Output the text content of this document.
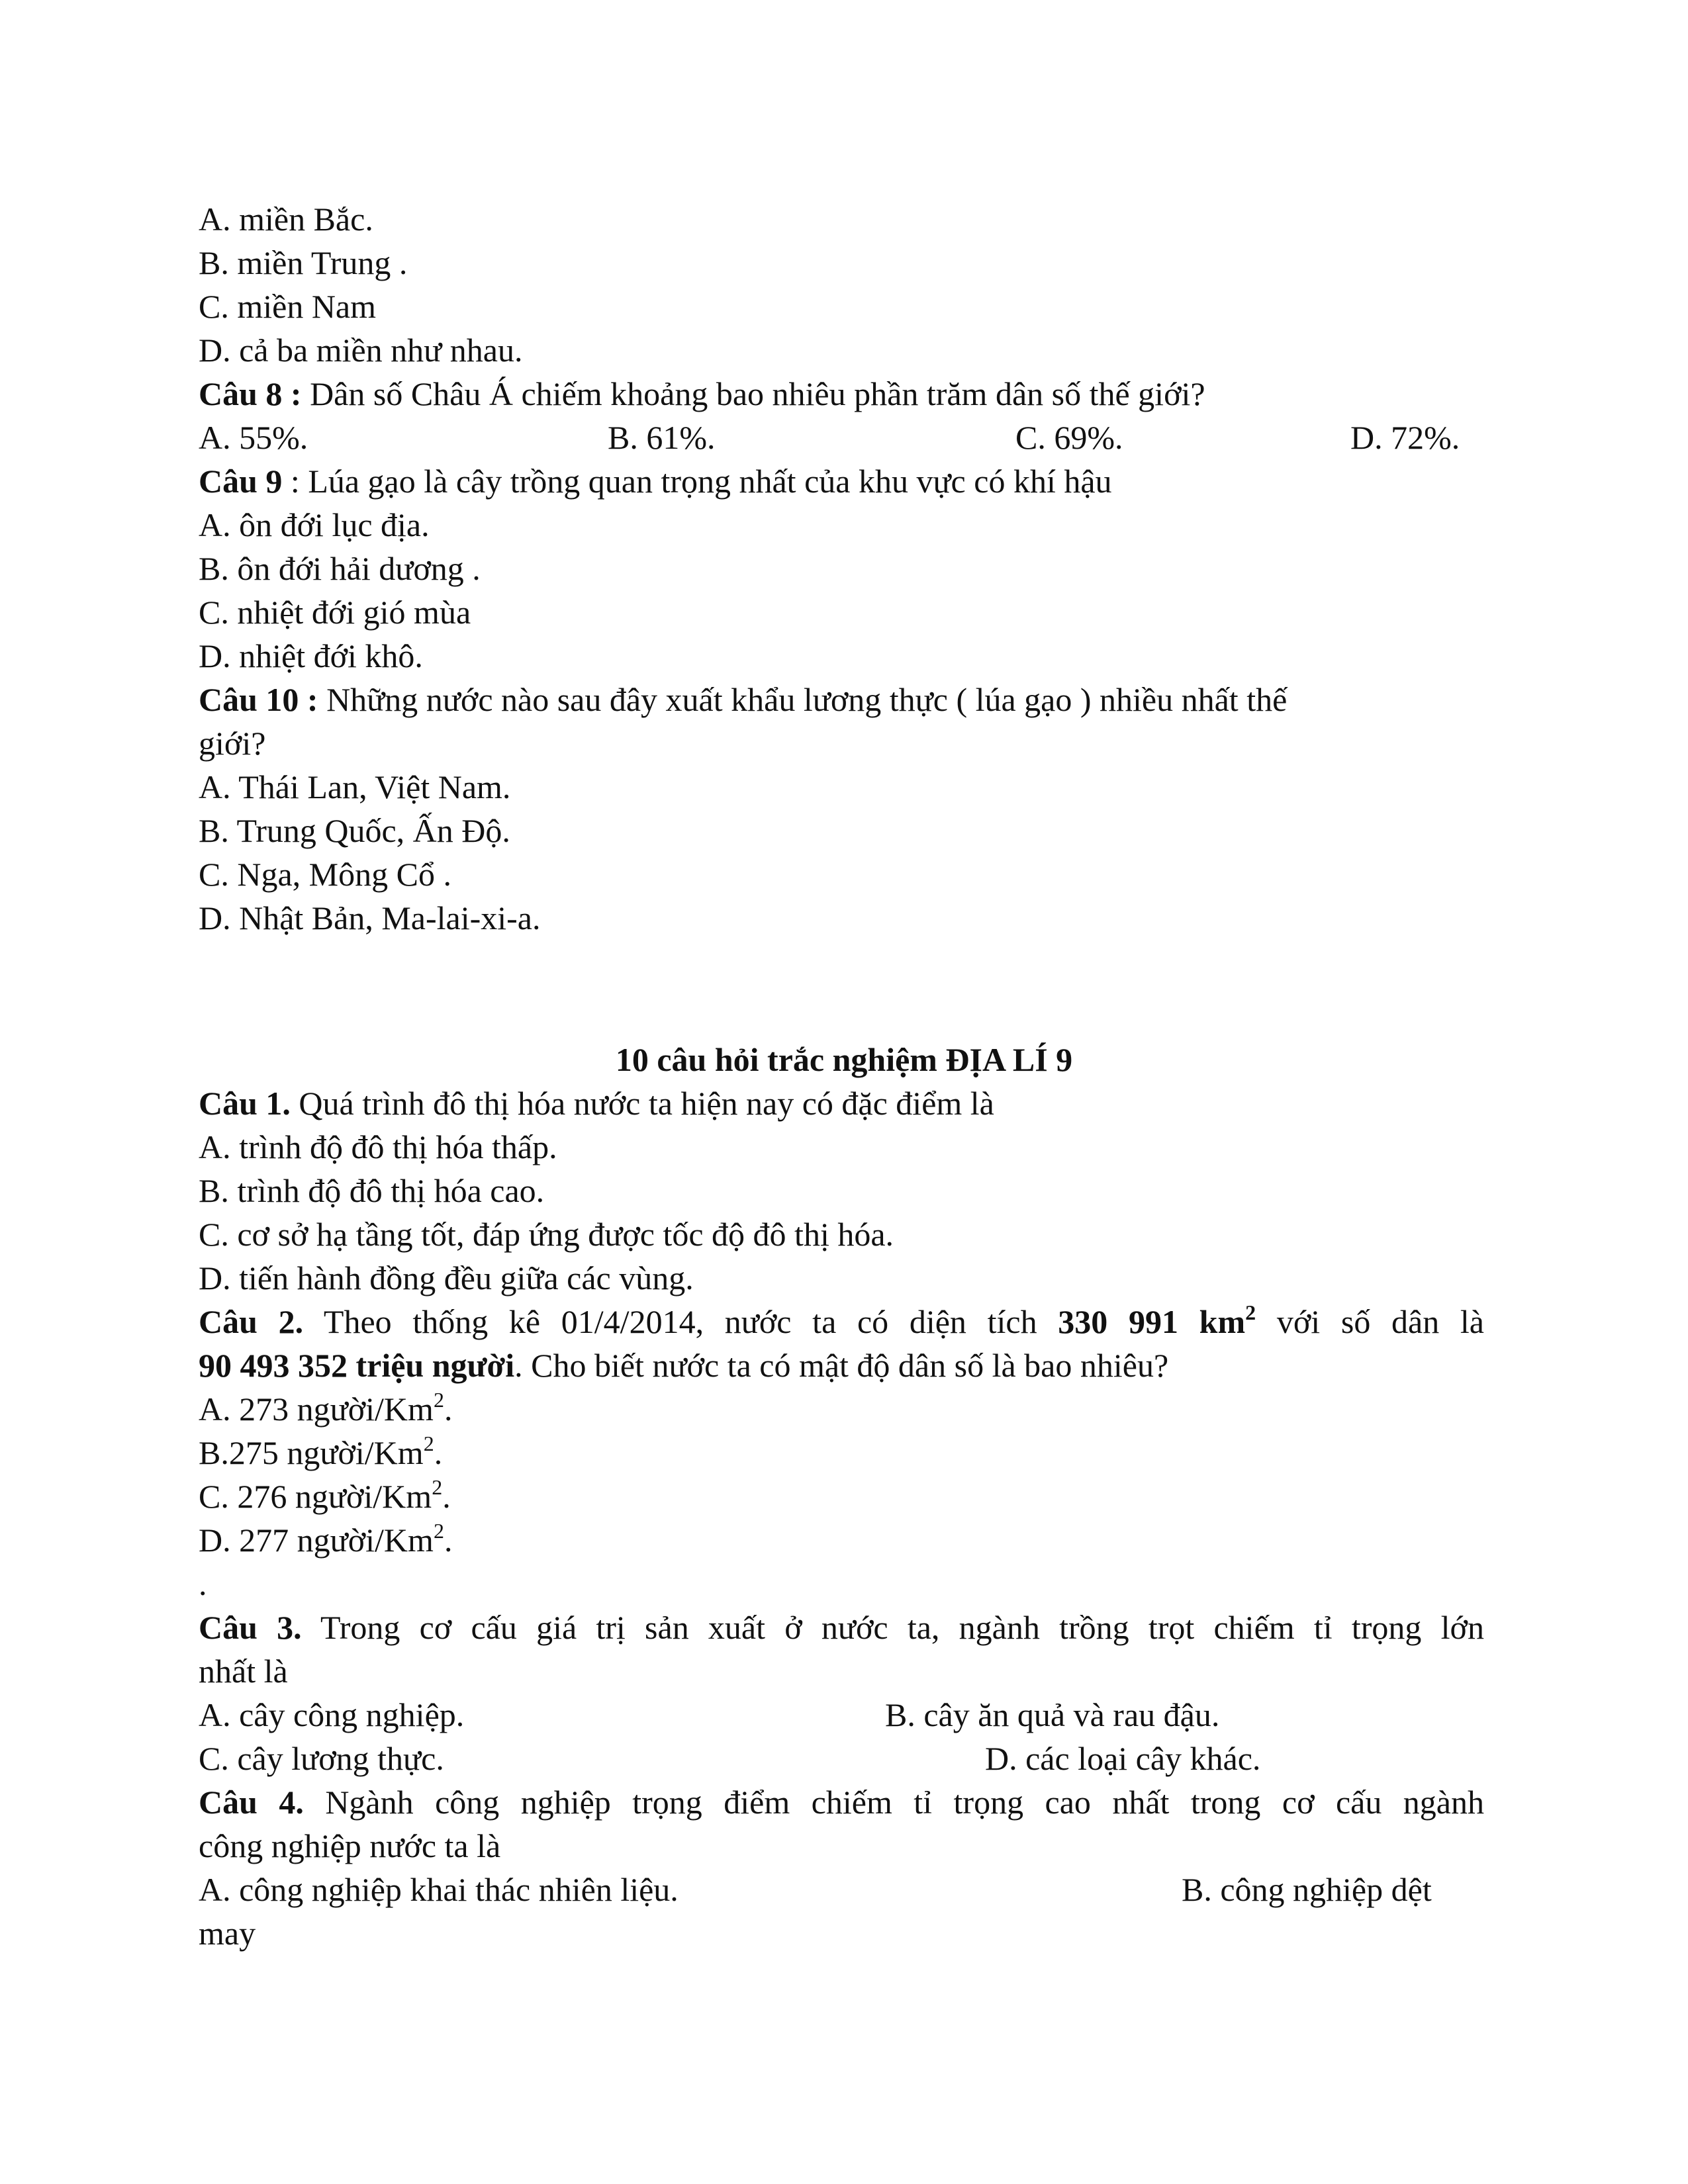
A. miền Bắc.
B. miền Trung .
C. miền Nam
D. cả ba miền như nhau.
Câu 8 : Dân số Châu Á chiếm khoảng bao nhiêu phần trăm dân số thế giới?
A. 55%.	B. 61%.	C. 69%.	D. 72%.
Câu 9 : Lúa gạo là cây trồng quan trọng nhất của khu vực có khí hậu
A. ôn đới lục địa.
B. ôn đới hải dương .
C. nhiệt đới gió mùa
D. nhiệt đới khô.
Câu 10 : Những nước nào sau đây xuất khẩu lương thực ( lúa gạo ) nhiều nhất thế
giới?
A. Thái Lan, Việt Nam.
B. Trung Quốc, Ấn Độ.
C. Nga, Mông Cổ .
D. Nhật Bản, Ma-lai-xi-a.
10 câu hỏi trắc nghiệm ĐỊA LÍ 9
Câu 1. Quá trình đô thị hóa nước ta hiện nay có đặc điểm là
A. trình độ đô thị hóa thấp.
B. trình độ đô thị hóa cao.
C. cơ sở hạ tầng tốt, đáp ứng được tốc độ đô thị hóa.
D. tiến hành đồng đều giữa các vùng.
Câu 2. Theo thống kê 01/4/2014, nước ta có diện tích 330 991 $km^2$ với số dân là
90 493 352 triệu người. Cho biết nước ta có mật độ dân số là bao nhiêu?
A. 273 người/Km$^2$.
B.275 người/Km$^2$.
C. 276 người/Km$^2$.
D. 277 người/Km$^2$.
.
Câu 3. Trong cơ cấu giá trị sản xuất ở nước ta, ngành trồng trọt chiếm tỉ trọng lớn
nhất là
A. cây công nghiệp.	B. cây ăn quả và rau đậu.
C. cây lương thực.	D. các loại cây khác.
Câu 4. Ngành công nghiệp trọng điểm chiếm tỉ trọng cao nhất trong cơ cấu ngành
công nghiệp nước ta là
A. công nghiệp khai thác nhiên liệu.	B. công nghiệp dệt
may
